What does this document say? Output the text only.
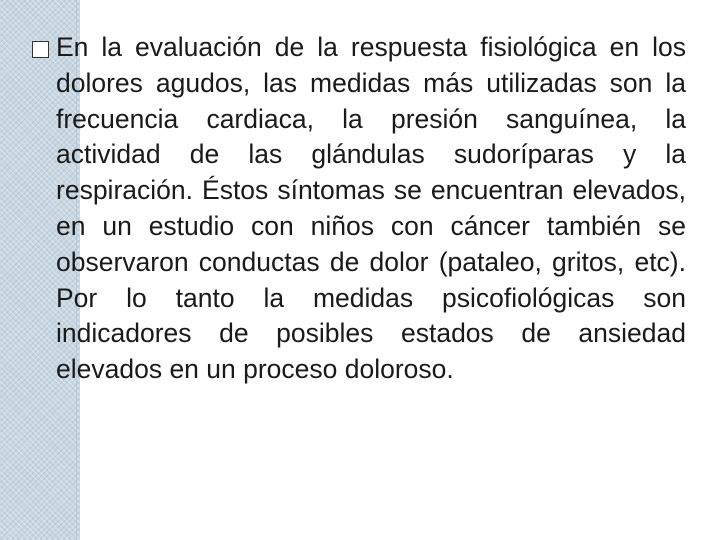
En la evaluación de la respuesta fisiológica en los dolores agudos, las medidas más utilizadas son la frecuencia cardiaca, la presión sanguínea, la actividad de las glándulas sudoríparas y la respiración. Éstos síntomas se encuentran elevados, en un estudio con niños con cáncer también se observaron conductas de dolor (pataleo, gritos, etc). Por lo tanto la medidas psicofiológicas son indicadores de posibles estados de ansiedad elevados en un proceso doloroso.
